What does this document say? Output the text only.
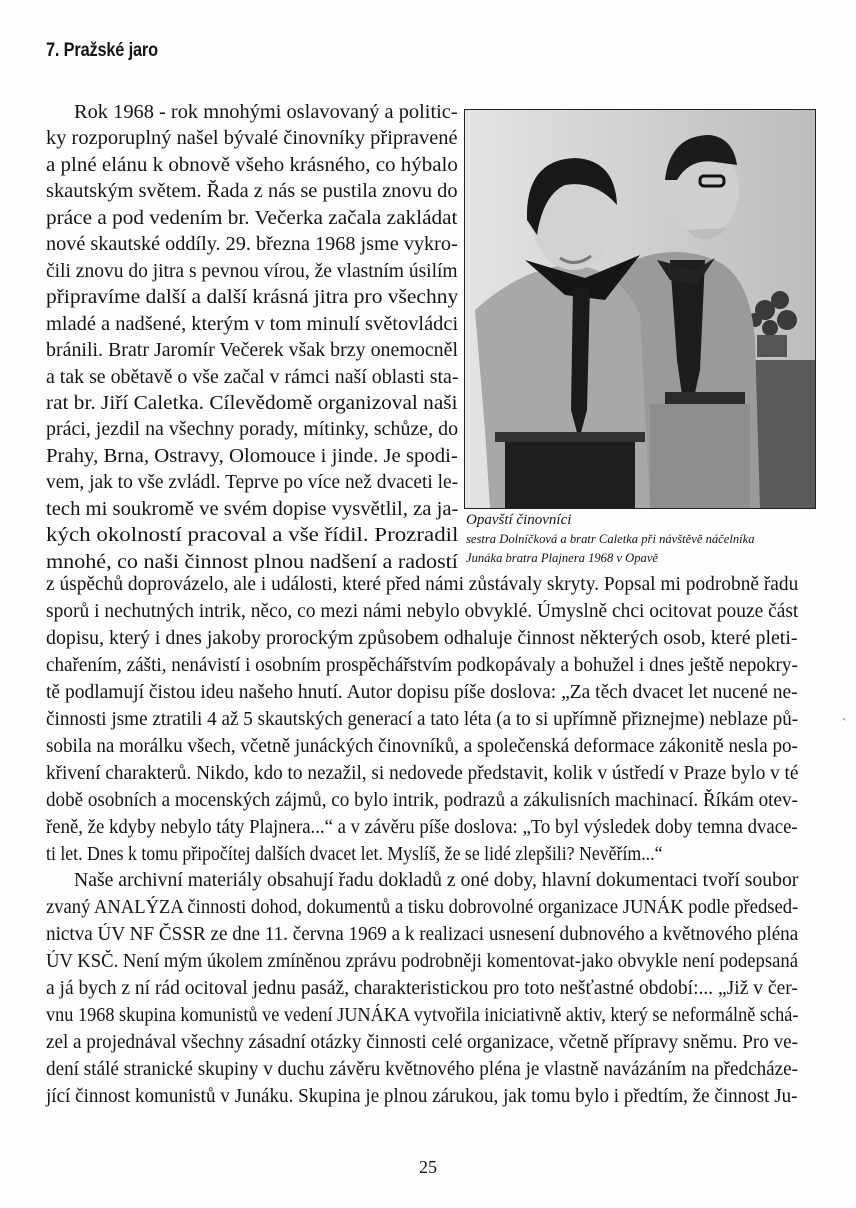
7. Pražské jaro
Rok 1968 - rok mnohými oslavovaný a politic-
ky rozporuplný našel bývalé činovníky připravené
a plné elánu k obnově všeho krásného, co hýbalo
skautským světem. Řada z nás se pustila znovu do
práce a pod vedením br. Večerka začala zakládat
nové skautské oddíly. 29. března 1968 jsme vykro-
čili znovu do jitra s pevnou vírou, že vlastním úsilím
připravíme další a další krásná jitra pro všechny
mladé a nadšené, kterým v tom minulí světovládci
bránili. Bratr Jaromír Večerek však brzy onemocněl
a tak se obětavě o vše začal v rámci naší oblasti sta-
rat br. Jiří Caletka. Cílevědomě organizoval naši
práci, jezdil na všechny porady, mítinky, schůze, do
Prahy, Brna, Ostravy, Olomouce i jinde. Je spodi-
vem, jak to vše zvládl. Teprve po více než dvaceti le-
tech mi soukromě ve svém dopise vysvětlil, za ja-
kých okolností pracoval a vše řídil. Prozradil
mnohé, co naši činnost plnou nadšení a radostí
z úspěchů doprovázelo, ale i události, které před námi zůstávaly skryty. Popsal mi podrobně řadu
sporů i nechutných intrik, něco, co mezi námi nebylo obvyklé. Úmyslně chci ocitovat pouze část
dopisu, který i dnes jakoby prorockým způsobem odhaluje činnost některých osob, které pleti-
chařením, zášti, nenávistí i osobním prospěchářstvím podkopávaly a bohužel i dnes ještě nepokry-
tě podlamují čistou ideu našeho hnutí. Autor dopisu píše doslova: „Za těch dvacet let nucené ne-
činnosti jsme ztratili 4 až 5 skautských generací a tato léta (a to si upřímně přiznejme) neblaze pů-
sobila na morálku všech, včetně junáckých činovníků, a společenská deformace zákonitě nesla po-
křivení charakterů. Nikdo, kdo to nezažil, si nedovede představit, kolik v ústředí v Praze bylo v té
době osobních a mocenských zájmů, co bylo intrik, podrazů a zákulisních machinací. Říkám otev-
řeně, že kdyby nebylo táty Plajnera...“ a v závěru píše doslova: „To byl výsledek doby temna dvace-
ti let. Dnes k tomu připočítej dalších dvacet let. Myslíš, že se lidé zlepšili? Nevěřím...“
Naše archivní materiály obsahují řadu dokladů z oné doby, hlavní dokumentaci tvoří soubor
zvaný ANALÝZA činnosti dohod, dokumentů a tisku dobrovolné organizace JUNÁK podle předsed-
nictva ÚV NF ČSSR ze dne 11. června 1969 a k realizaci usnesení dubnového a květnového pléna
ÚV KSČ. Není mým úkolem zmíněnou zprávu podrobněji komentovat-jako obvykle není podepsaná
a já bych z ní rád ocitoval jednu pasáž, charakteristickou pro toto nešťastné období:... „Již v čer-
vnu 1968 skupina komunistů ve vedení JUNÁKA vytvořila iniciativně aktiv, který se neformálně schá-
zel a projednával všechny zásadní otázky činnosti celé organizace, včetně přípravy sněmu. Pro ve-
dení stálé stranické skupiny v duchu závěru květnového pléna je vlastně navázáním na předcháze-
jící činnost komunistů v Junáku. Skupina je plnou zárukou, jak tomu bylo i předtím, že činnost Ju-
Opavští činovníci
sestra Dolníčková a bratr Caletka při návštěvě náčelníka
Junáka bratra Plajnera 1968 v Opavě
`
25
